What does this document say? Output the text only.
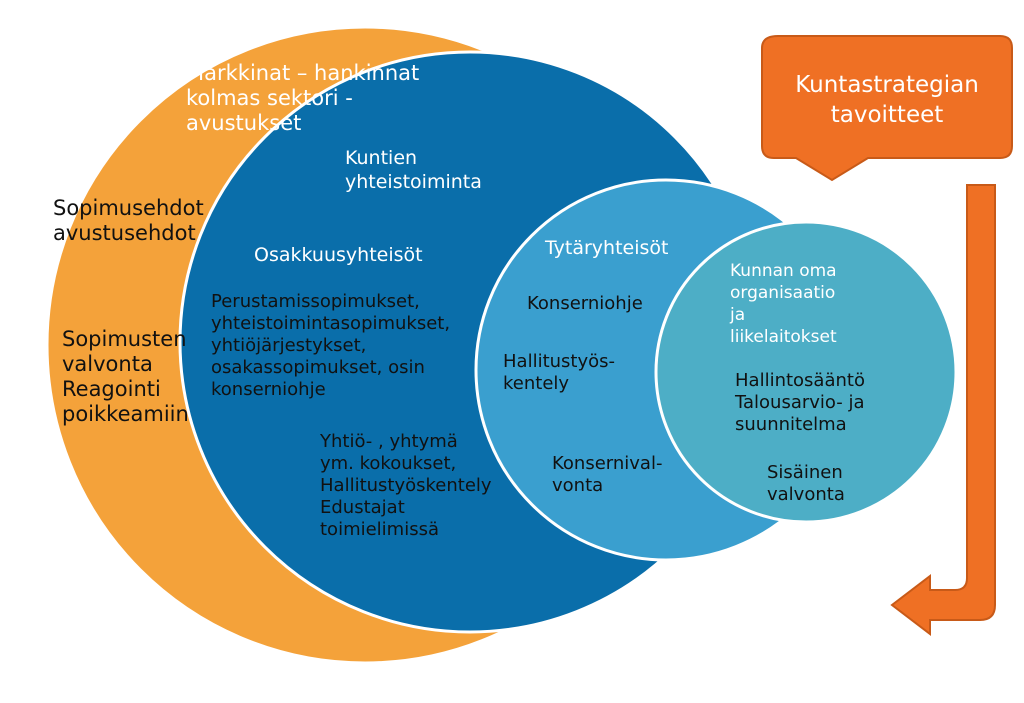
Markkinat – hankinnat
kolmas sektori -
avustukset
Sopimusehdot
avustusehdot
Sopimusten
valvonta
Reagointi
poikkeamiin
Kuntien
yhteistoiminta
Osakkuusyhteisöt
Perustamissopimukset,
yhteistoimintasopimukset,
yhtiöjärjestykset,
osakassopimukset, osin
konserniohje
Yhtiö- , yhtymä
ym. kokoukset,
Hallitustyöskentely
Edustajat
toimielimissä
Tytäryhteisöt
Konserniohje
Hallitustyös-
kentely
Konsernival-
vonta
Kunnan oma
organisaatio
ja
liikelaitokset
Hallintosääntö
Talousarvio- ja
suunnitelma
Sisäinen
valvonta
Kuntastrategian
tavoitteet
